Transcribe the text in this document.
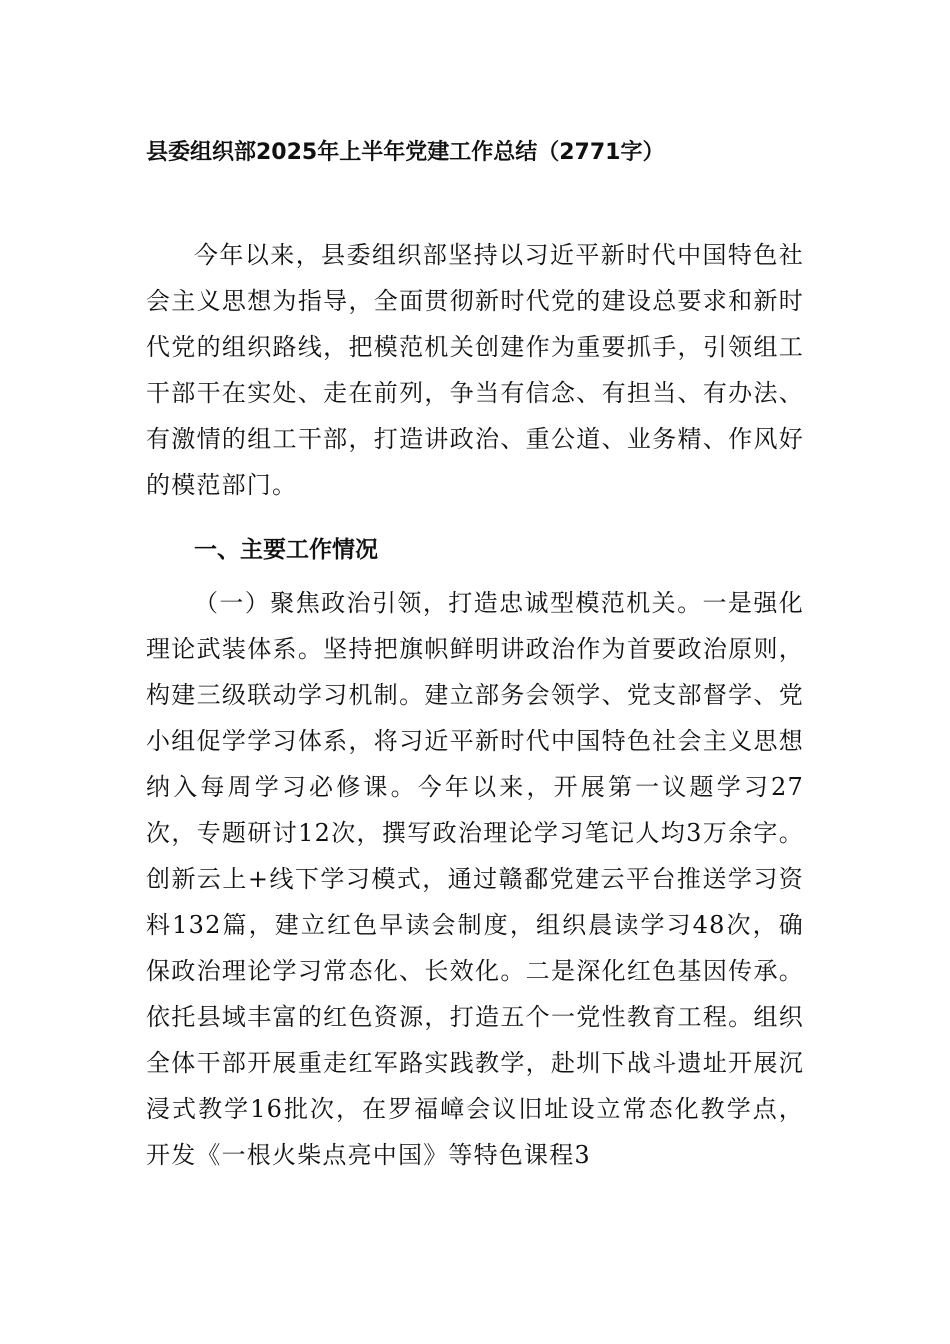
县委组织部2025年上半年党建工作总结（2771字）

今年以来，县委组织部坚持以习近平新时代中国特色社会主义思想为指导，全面贯彻新时代党的建设总要求和新时代党的组织路线，把模范机关创建作为重要抓手，引领组工干部干在实处、走在前列，争当有信念、有担当、有办法、有激情的组工干部，打造讲政治、重公道、业务精、作风好的模范部门。

一、主要工作情况

（一）聚焦政治引领，打造忠诚型模范机关。一是强化理论武装体系。坚持把旗帜鲜明讲政治作为首要政治原则，构建三级联动学习机制。建立部务会领学、党支部督学、党小组促学学习体系，将习近平新时代中国特色社会主义思想纳入每周学习必修课。今年以来，开展第一议题学习27次，专题研讨12次，撰写政治理论学习笔记人均3万余字。创新云上+线下学习模式，通过赣鄱党建云平台推送学习资料132篇，建立红色早读会制度，组织晨读学习48次，确保政治理论学习常态化、长效化。二是深化红色基因传承。依托县域丰富的红色资源，打造五个一党性教育工程。组织全体干部开展重走红军路实践教学，赴圳下战斗遗址开展沉浸式教学16批次，在罗福嶂会议旧址设立常态化教学点，开发《一根火柴点亮中国》等特色课程3
